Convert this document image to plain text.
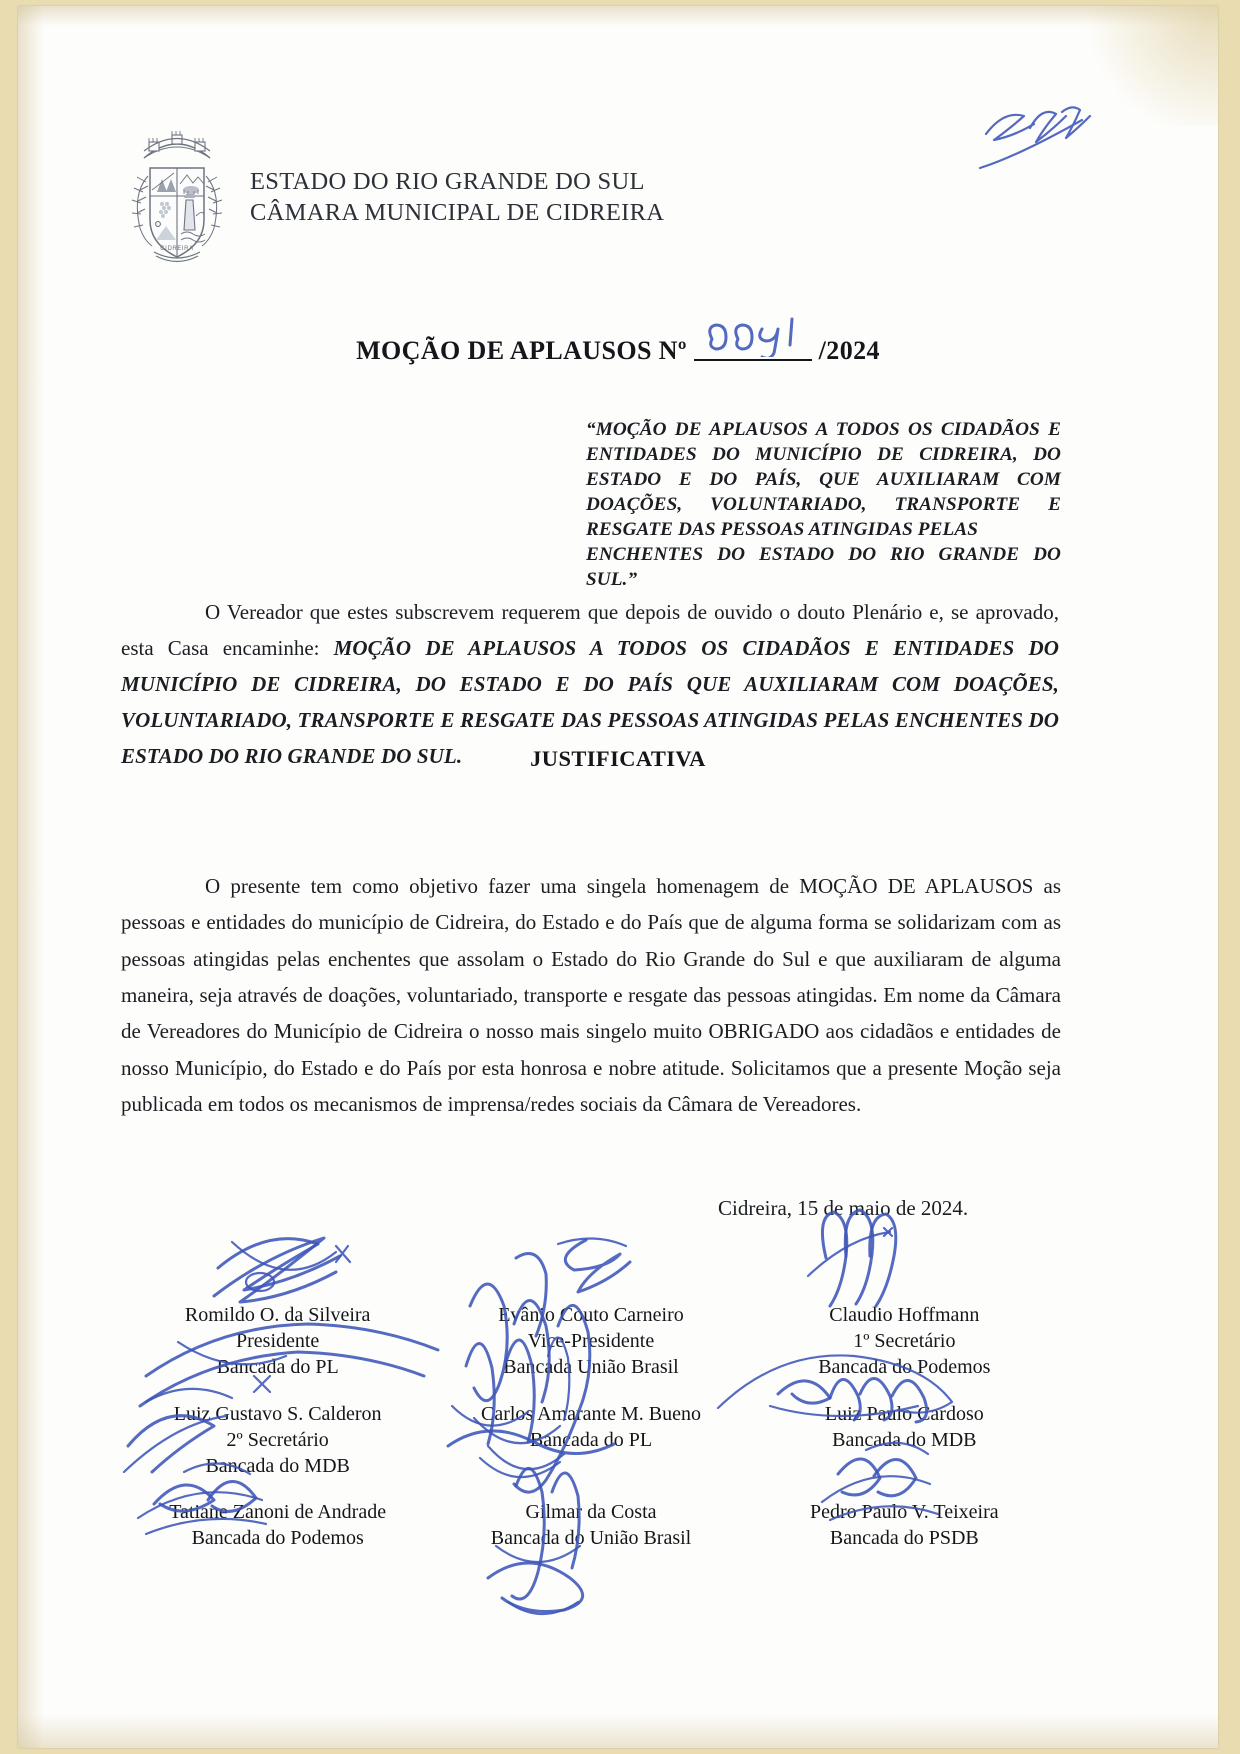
CIDREIRA
ESTADO DO RIO GRANDE DO SUL
CÂMARA MUNICIPAL DE CIDREIRA
MOÇÃO DE APLAUSOS Nº	/2024
“MOÇÃO DE APLAUSOS A TODOS OS CIDADÃOS E ENTIDADES DO MUNICÍPIO DE CIDREIRA, DO ESTADO E DO PAÍS, QUE AUXILIARAM COM DOAÇÕES, VOLUNTARIADO, TRANSPORTE E RESGATE DAS PESSOAS ATINGIDAS PELAS
ENCHENTES DO ESTADO DO RIO GRANDE DO SUL.”
O Vereador que estes subscrevem requerem que depois de ouvido o douto Plenário e, se aprovado, esta Casa encaminhe: MOÇÃO DE APLAUSOS A TODOS OS CIDADÃOS E ENTIDADES DO MUNICÍPIO DE CIDREIRA, DO ESTADO E DO PAÍS QUE AUXILIARAM COM DOAÇÕES, VOLUNTARIADO, TRANSPORTE E RESGATE DAS PESSOAS ATINGIDAS PELAS ENCHENTES DO ESTADO DO RIO GRANDE DO SUL.	JUSTIFICATIVA
O presente tem como objetivo fazer uma singela homenagem de MOÇÃO DE APLAUSOS as pessoas e entidades do município de Cidreira, do Estado e do País que de alguma forma se solidarizam com as pessoas atingidas pelas enchentes que assolam o Estado do Rio Grande do Sul e que auxiliaram de alguma maneira, seja através de doações, voluntariado, transporte e resgate das pessoas atingidas. Em nome da Câmara de Vereadores do Município de Cidreira o nosso mais singelo muito OBRIGADO aos cidadãos e entidades de nosso Município, do Estado e do País por esta honrosa e nobre atitude. Solicitamos que a presente Moção seja publicada em todos os mecanismos de imprensa/redes sociais da Câmara de Vereadores.
Cidreira, 15 de maio de 2024.
Romildo O. da Silveira
Presidente
Bancada do PL
Evânio Couto Carneiro
Vice-Presidente
Bancada União Brasil
Claudio Hoffmann
1º Secretário
Bancada do Podemos
Luiz Gustavo S. Calderon
2º Secretário
Bancada do MDB
Carlos Amarante M. Bueno
Bancada do PL
Luiz Paulo Cardoso
Bancada do MDB
Tatiane Zanoni de Andrade
Bancada do Podemos
Gilmar da Costa
Bancada do União Brasil
Pedro Paulo V. Teixeira
Bancada do PSDB
